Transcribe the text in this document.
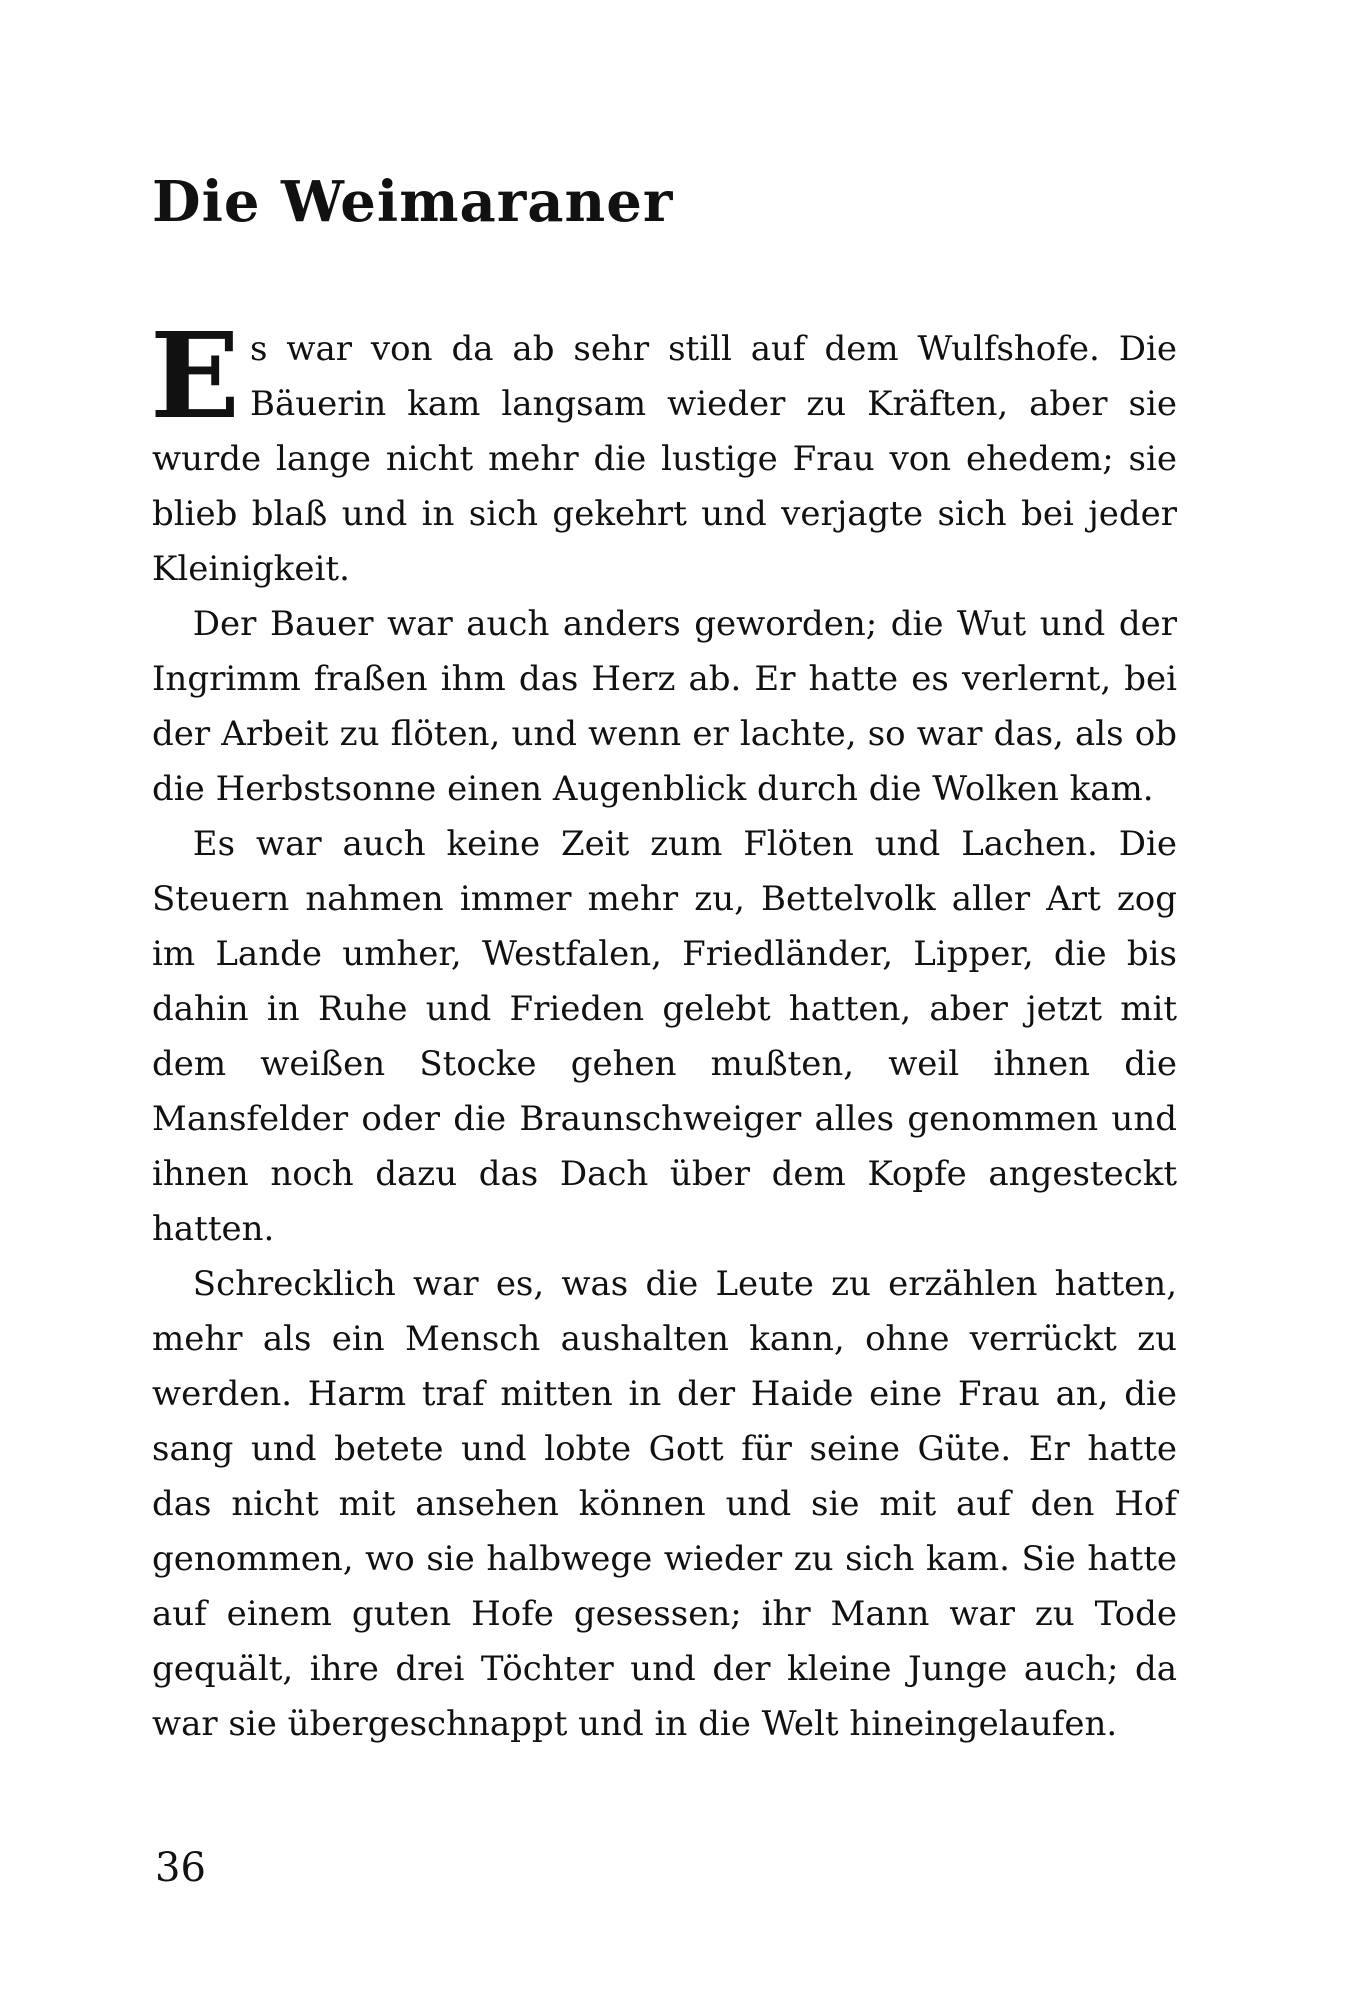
Die Weimaraner

Es war von da ab sehr still auf dem Wulfshofe. Die Bäuerin kam langsam wieder zu Kräften, aber sie wurde lange nicht mehr die lustige Frau von ehedem; sie blieb blaß und in sich gekehrt und verjagte sich bei jeder Kleinigkeit.

Der Bauer war auch anders geworden; die Wut und der Ingrimm fraßen ihm das Herz ab. Er hatte es verlernt, bei der Arbeit zu flöten, und wenn er lachte, so war das, als ob die Herbstsonne einen Augenblick durch die Wolken kam.

Es war auch keine Zeit zum Flöten und Lachen. Die Steuern nahmen immer mehr zu, Bettelvolk aller Art zog im Lande umher, Westfalen, Friedländer, Lipper, die bis dahin in Ruhe und Frieden gelebt hatten, aber jetzt mit dem weißen Stocke gehen mußten, weil ihnen die Mansfelder oder die Braunschweiger alles genommen und ihnen noch dazu das Dach über dem Kopfe angesteckt hatten.

Schrecklich war es, was die Leute zu erzählen hatten, mehr als ein Mensch aushalten kann, ohne verrückt zu werden. Harm traf mitten in der Haide eine Frau an, die sang und betete und lobte Gott für seine Güte. Er hatte das nicht mit ansehen können und sie mit auf den Hof genommen, wo sie halbwege wieder zu sich kam. Sie hatte auf einem guten Hofe gesessen; ihr Mann war zu Tode gequält, ihre drei Töchter und der kleine Junge auch; da war sie übergeschnappt und in die Welt hineingelaufen.

36
